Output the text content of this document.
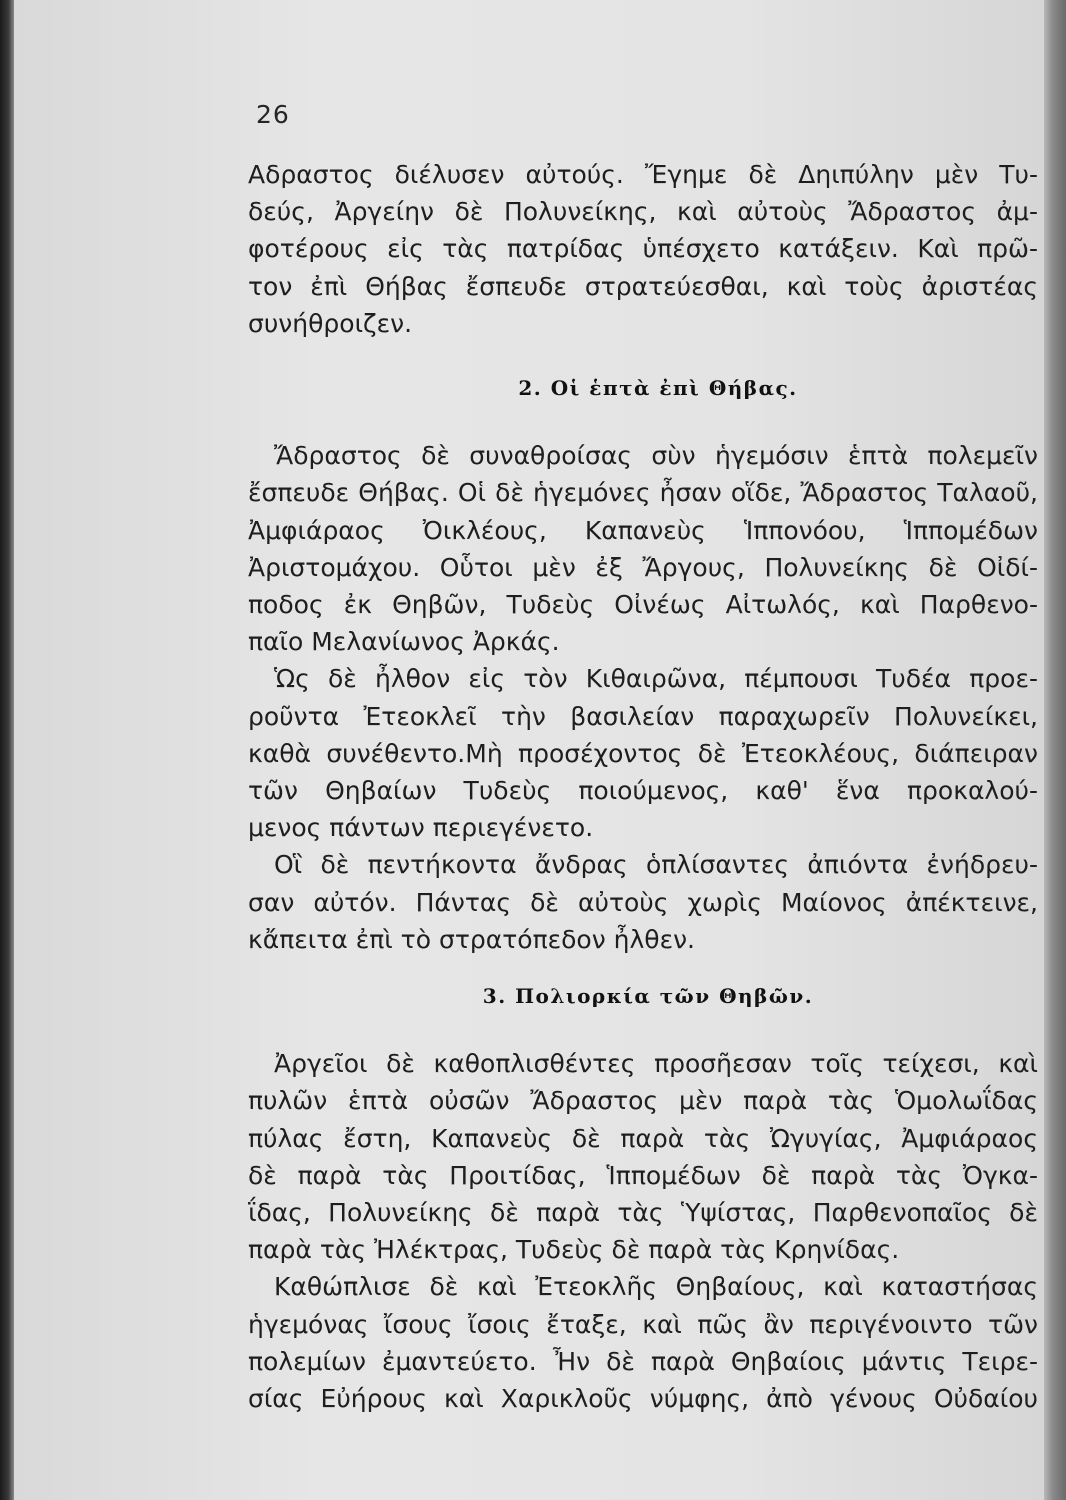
26
Αδραστος διέλυσεν αὐτούς. Ἔγημε δὲ Δηιπύλην μὲν Τυ-
δεύς, Ἀργείην δὲ Πολυνείκης, καὶ αὐτοὺς Ἄδραστος ἀμ-
φοτέρους εἰς τὰς πατρίδας ὑπέσχετο κατάξειν. Καὶ πρῶ-
τον ἐπὶ Θήβας ἔσπευδε στρατεύεσθαι, καὶ τοὺς ἀριστέας
συνήθροιζεν.
2. Οἱ ἑπτὰ ἐπὶ Θήβας.
Ἄδραστος δὲ συναθροίσας σὺν ἡγεμόσιν ἑπτὰ πολεμεῖν
ἔσπευδε Θήβας. Οἱ δὲ ἡγεμόνες ἦσαν οἵδε, Ἄδραστος Ταλαοῦ,
Ἀμφιάραος Ὀικλέους, Καπανεὺς Ἱππονόου, Ἱππομέδων
Ἀριστομάχου. Οὗτοι μὲν ἐξ Ἄργους, Πολυνείκης δὲ Οἰδί-
ποδος ἐκ Θηβῶν, Τυδεὺς Οἰνέως Αἰτωλός, καὶ Παρθενο-
παῖο Μελανίωνος Ἀρκάς.
Ὡς δὲ ἦλθον εἰς τὸν Κιθαιρῶνα, πέμπουσι Τυδέα προε-
ροῦντα Ἐτεοκλεῖ τὴν βασιλείαν παραχωρεῖν Πολυνείκει,
καθὰ συνέθεντο.Μὴ προσέχοντος δὲ Ἐτεοκλέους, διάπειραν
τῶν Θηβαίων Τυδεὺς ποιούμενος, καθ' ἕνα προκαλού-
μενος πάντων περιεγένετο.
Οἳ δὲ πεντήκοντα ἄνδρας ὁπλίσαντες ἀπιόντα ἐνήδρευ-
σαν αὐτόν. Πάντας δὲ αὐτοὺς χωρὶς Μαίονος ἀπέκτεινε,
κἄπειτα ἐπὶ τὸ στρατόπεδον ἦλθεν.
3. Πολιορκία τῶν Θηβῶν.
Ἀργεῖοι δὲ καθοπλισθέντες προσῆεσαν τοῖς τείχεσι, καὶ
πυλῶν ἑπτὰ οὐσῶν Ἄδραστος μὲν παρὰ τὰς Ὁμολωΐδας
πύλας ἔστη, Καπανεὺς δὲ παρὰ τὰς Ὠγυγίας, Ἀμφιάραος
δὲ παρὰ τὰς Προιτίδας, Ἱππομέδων δὲ παρὰ τὰς Ὀγκα-
ΐδας, Πολυνείκης δὲ παρὰ τὰς Ὑψίστας, Παρθενοπαῖος δὲ
παρὰ τὰς Ἠλέκτρας, Τυδεὺς δὲ παρὰ τὰς Κρηνίδας.
Καθώπλισε δὲ καὶ Ἐτεοκλῆς Θηβαίους, καὶ καταστήσας
ἡγεμόνας ἴσους ἴσοις ἔταξε, καὶ πῶς ἂν περιγένοιντο τῶν
πολεμίων ἐμαντεύετο. Ἦν δὲ παρὰ Θηβαίοις μάντις Τειρε-
σίας Εὐήρους καὶ Χαρικλοῦς νύμφης, ἀπὸ γένους Οὐδαίου
